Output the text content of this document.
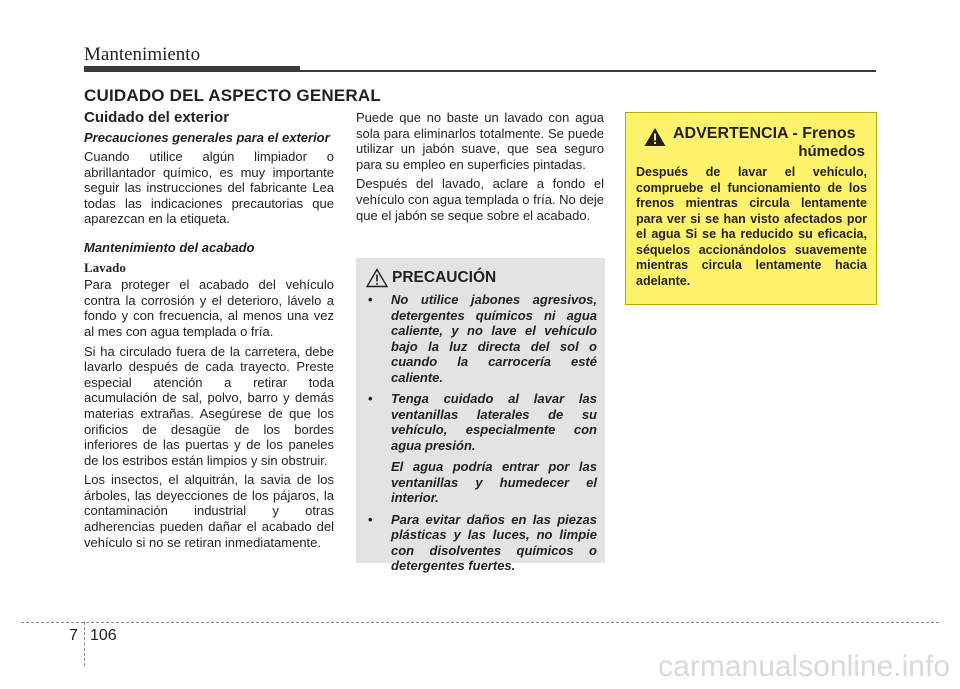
Mantenimiento
CUIDADO DEL ASPECTO GENERAL
Cuidado del exterior
Precauciones generales para el exterior

Cuando utilice algún limpiador o abrillantador químico, es muy importante seguir las instrucciones del fabricante Lea todas las indicaciones precautorias que aparezcan en la etiqueta.

Mantenimiento del acabado
Lavado

Para proteger el acabado del vehículo contra la corrosión y el deterioro, lávelo a fondo y con frecuencia, al menos una vez al mes con agua templada o fría.

Si ha circulado fuera de la carretera, debe lavarlo después de cada trayecto. Preste especial atención a retirar toda acumulación de sal, polvo, barro y demás materias extrañas. Asegúrese de que los orificios de desagüe de los bordes inferiores de las puertas y de los paneles de los estribos están limpios y sin obstruir.

Los insectos, el alquitrán, la savia de los árboles, las deyecciones de los pájaros, la contaminación industrial y otras adherencias pueden dañar el acabado del vehículo si no se retiran inmediatamente.

Puede que no baste un lavado con agua sola para eliminarlos totalmente. Se puede utilizar un jabón suave, que sea seguro para su empleo en superficies pintadas.

Después del lavado, aclare a fondo el vehículo con agua templada o fría. No deje que el jabón se seque sobre el acabado.

PRECAUCIÓN
• No utilice jabones agresivos, detergentes químicos ni agua caliente, y no lave el vehículo bajo la luz directa del sol o cuando la carrocería esté caliente.
• Tenga cuidado al lavar las ventanillas laterales de su vehículo, especialmente con agua presión.
El agua podría entrar por las ventanillas y humedecer el interior.
• Para evitar daños en las piezas plásticas y las luces, no limpie con disolventes químicos o detergentes fuertes.
ADVERTENCIA - Frenos
húmedos

Después de lavar el vehículo, compruebe el funcionamiento de los frenos mientras circula lentamente para ver si se han visto afectados por el agua Si se ha reducido su eficacia, séquelos accionándolos suavemente mientras circula lentamente hacia adelante.

7 106
carmanualsonline.info
